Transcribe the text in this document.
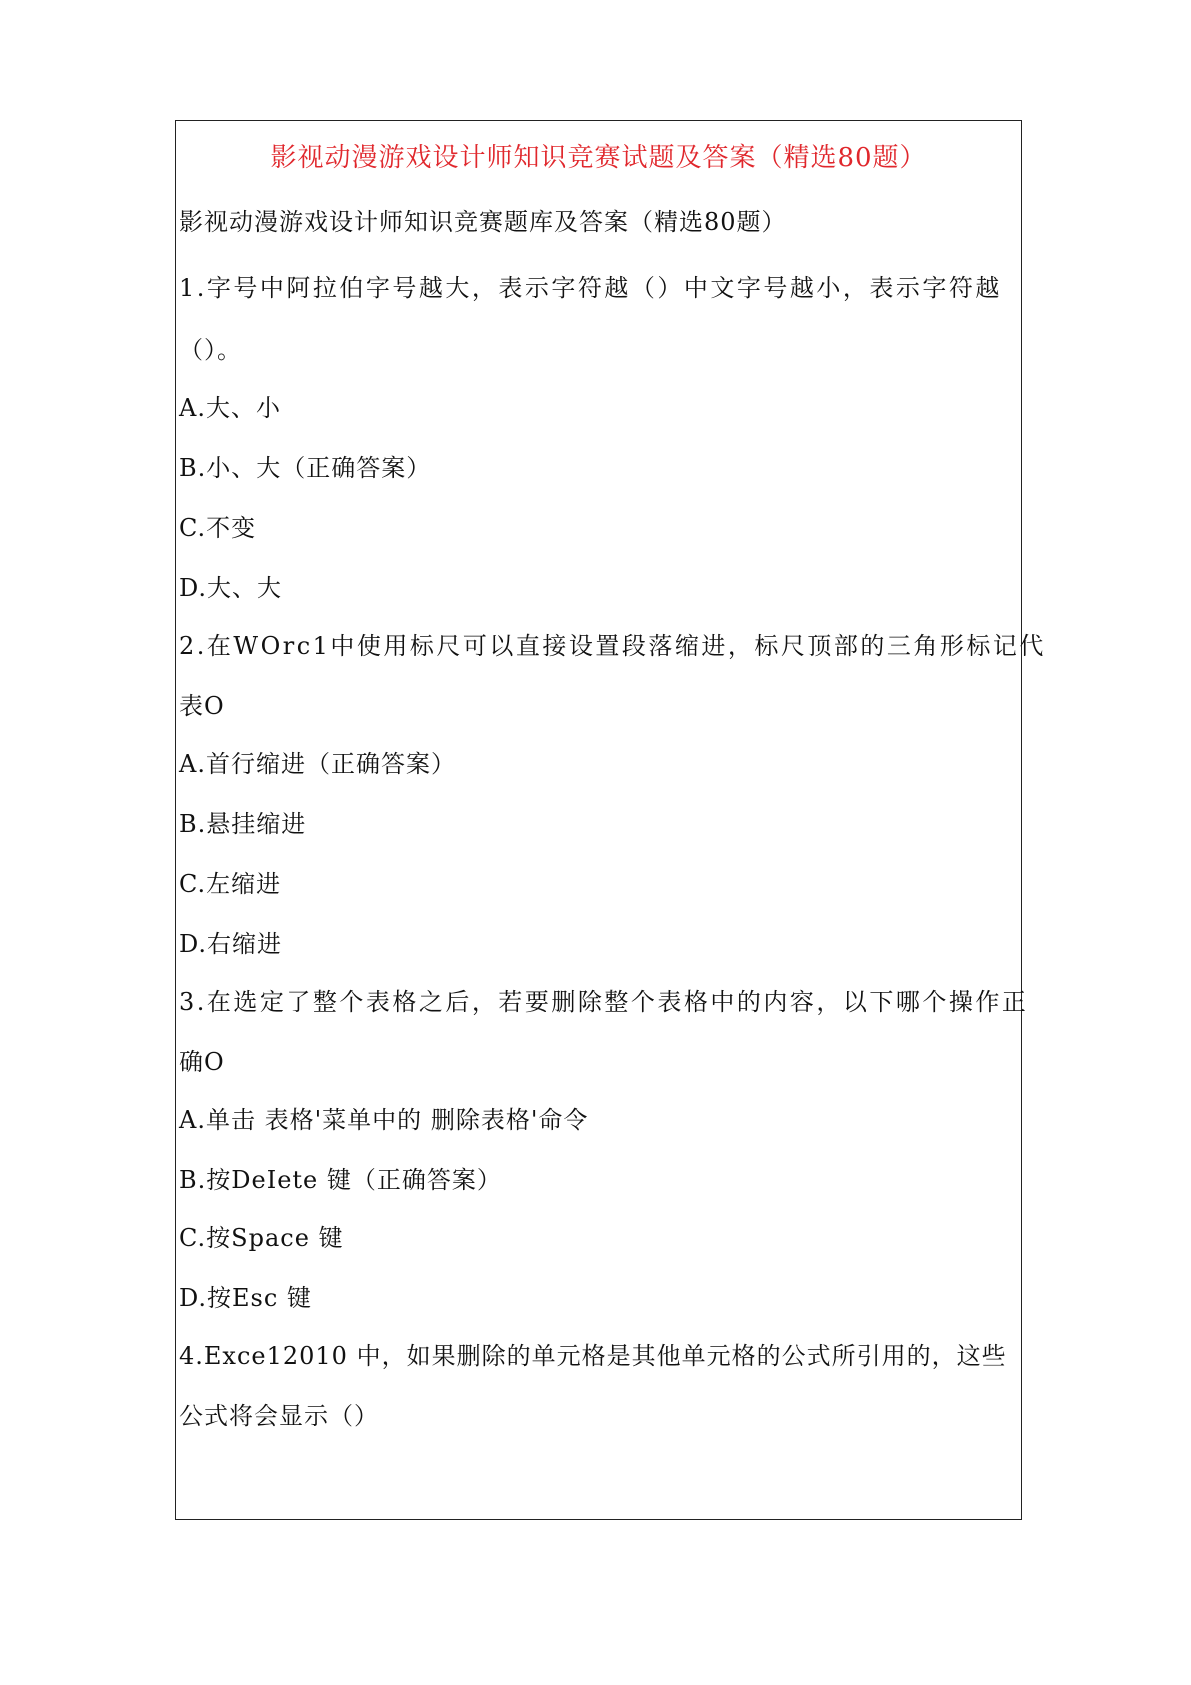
影视动漫游戏设计师知识竞赛试题及答案（精选80题）

影视动漫游戏设计师知识竞赛题库及答案（精选80题）

1.字号中阿拉伯字号越大，表示字符越（）中文字号越小，表示字符越

（）。

A.大、小

B.小、大（正确答案）

C.不变

D.大、大

2.在WOrc1中使用标尺可以直接设置段落缩进，标尺顶部的三角形标记代

表O

A.首行缩进（正确答案）

B.悬挂缩进

C.左缩进

D.右缩进

3.在选定了整个表格之后，若要删除整个表格中的内容，以下哪个操作正

确O

A.单击 表格'菜单中的 删除表格'命令

B.按DeIete 键（正确答案）

C.按Space 键

D.按Esc 键

4.Exce12010 中，如果删除的单元格是其他单元格的公式所引用的，这些

公式将会显示（）
